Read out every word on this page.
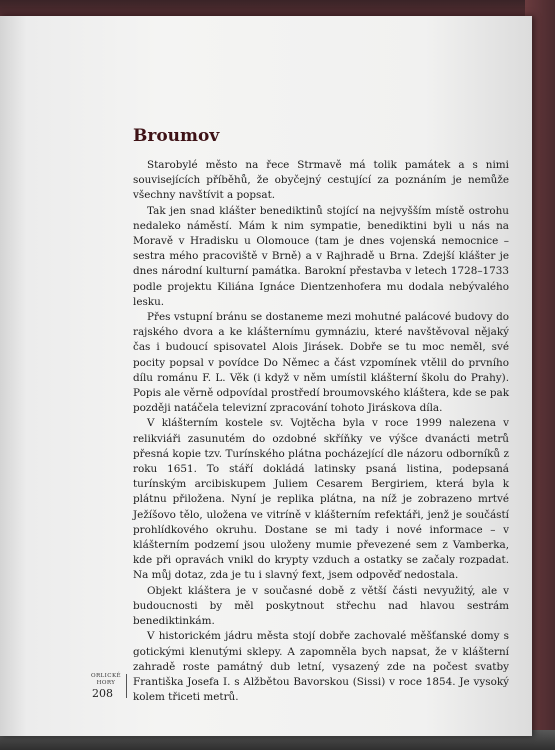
Broumov

Starobylé město na řece Strmavě má tolik památek a s nimi souvisejících příběhů, že obyčejný cestující za poznáním je nemůže všechny navštívit a popsat.

Tak jen snad klášter benediktinů stojící na nejvyšším místě ostrohu nedaleko náměstí. Mám k nim sympatie, benediktini byli u nás na Moravě v Hradisku u Olomouce (tam je dnes vojenská nemocnice – sestra mého pracoviště v Brně) a v Rajhradě u Brna. Zdejší klášter je dnes národní kulturní památka. Barokní přestavba v letech 1728–1733 podle projektu Kiliána Ignáce Dientzenhofera mu dodala nebývalého lesku.

Přes vstupní bránu se dostaneme mezi mohutné palácové budovy do rajského dvora a ke klášternímu gymnáziu, které navštěvoval nějaký čas i budoucí spisovatel Alois Jirásek. Dobře se tu moc neměl, své pocity popsal v povídce Do Němec a část vzpomínek vtělil do prvního dílu románu F. L. Věk (i když v něm umístil klášterní školu do Prahy). Popis ale věrně odpovídal prostředí broumovského kláštera, kde se pak později natáčela televizní zpracování tohoto Jiráskova díla.

V klášterním kostele sv. Vojtěcha byla v roce 1999 nalezena v relikviáři zasunutém do ozdobné skříňky ve výšce dvanácti metrů přesná kopie tzv. Turínského plátna pocházející dle názoru odborníků z roku 1651. To stáří dokládá latinsky psaná listina, podepsaná turínským arcibiskupem Juliem Cesarem Bergiriem, která byla k plátnu přiložena. Nyní je replika plátna, na níž je zobrazeno mrtvé Ježíšovo tělo, uložena ve vitríně v klášterním refektáři, jenž je součástí prohlídkového okruhu. Dostane se mi tady i nové informace – v klášterním podzemí jsou uloženy mumie převezené sem z Vamberka, kde při opravách vnikl do krypty vzduch a ostatky se začaly rozpadat. Na můj dotaz, zda je tu i slavný fext, jsem odpověď nedostala.

Objekt kláštera je v současné době z větší části nevyužitý, ale v budoucnosti by měl poskytnout střechu nad hlavou sestrám benediktinkám.

V historickém jádru města stojí dobře zachovalé měšťanské domy s gotickými klenutými sklepy. A zapomněla bych napsat, že v klášterní zahradě roste památný dub letní, vysazený zde na počest svatby Františka Josefa I. s Alžbětou Bavorskou (Sissi) v roce 1854. Je vysoký kolem třiceti metrů.

ORLICKÉ
HORY
208
